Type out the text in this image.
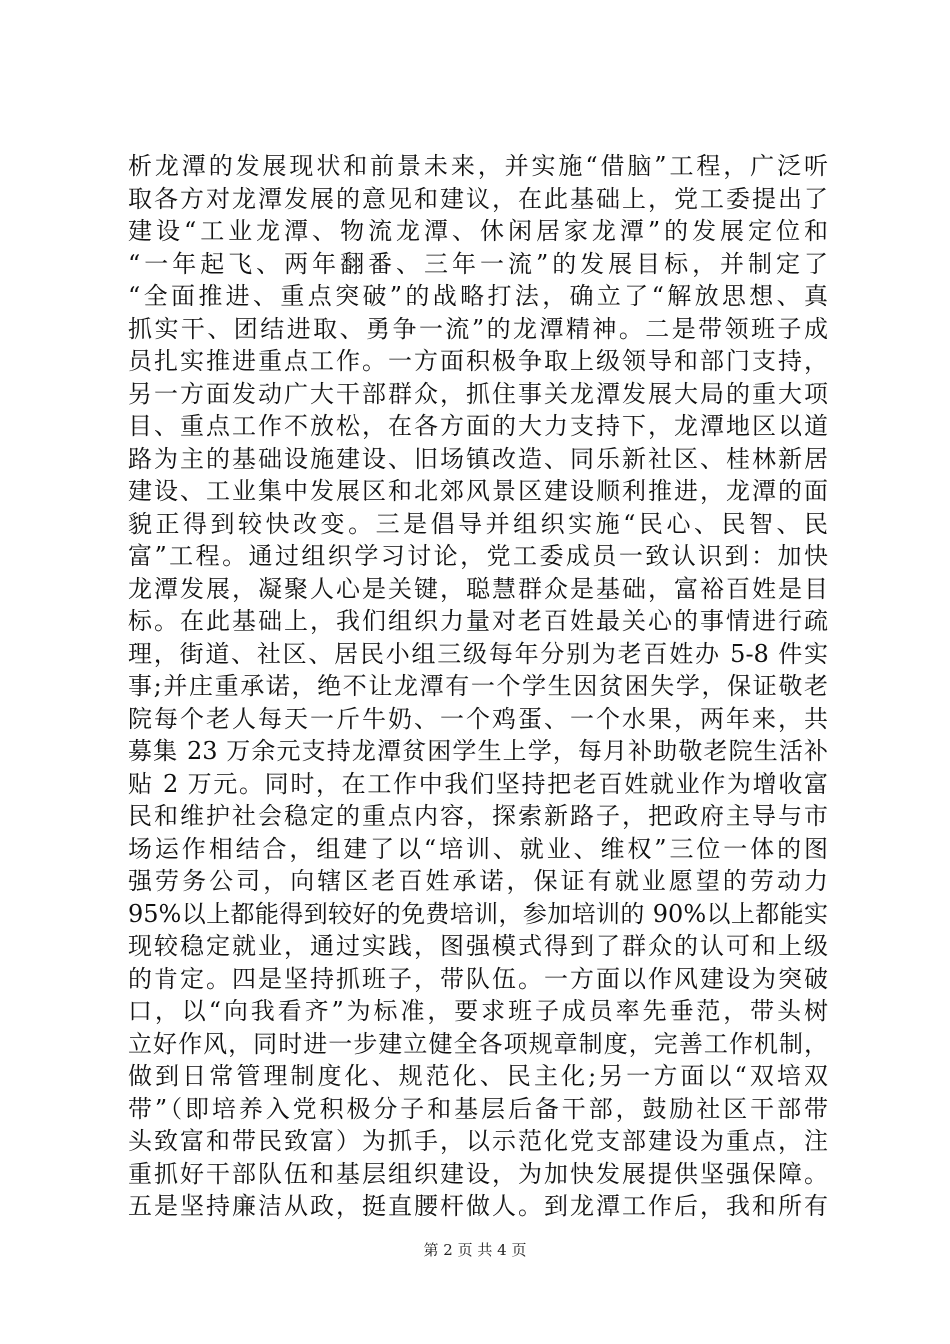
析龙潭的发展现状和前景未来，并实施“借脑”工程，广泛听
取各方对龙潭发展的意见和建议，在此基础上，党工委提出了
建设“工业龙潭、物流龙潭、休闲居家龙潭”的发展定位和
“一年起飞、两年翻番、三年一流”的发展目标，并制定了
“全面推进、重点突破”的战略打法，确立了“解放思想、真
抓实干、团结进取、勇争一流”的龙潭精神。二是带领班子成
员扎实推进重点工作。一方面积极争取上级领导和部门支持，
另一方面发动广大干部群众，抓住事关龙潭发展大局的重大项
目、重点工作不放松，在各方面的大力支持下，龙潭地区以道
路为主的基础设施建设、旧场镇改造、同乐新社区、桂林新居
建设、工业集中发展区和北郊风景区建设顺利推进，龙潭的面
貌正得到较快改变。三是倡导并组织实施“民心、民智、民
富”工程。通过组织学习讨论，党工委成员一致认识到：加快
龙潭发展，凝聚人心是关键，聪慧群众是基础，富裕百姓是目
标。在此基础上，我们组织力量对老百姓最关心的事情进行疏
理，街道、社区、居民小组三级每年分别为老百姓办 5-8 件实
事;并庄重承诺，绝不让龙潭有一个学生因贫困失学，保证敬老
院每个老人每天一斤牛奶、一个鸡蛋、一个水果，两年来，共
募集 23 万余元支持龙潭贫困学生上学，每月补助敬老院生活补
贴 2 万元。同时，在工作中我们坚持把老百姓就业作为增收富
民和维护社会稳定的重点内容，探索新路子，把政府主导与市
场运作相结合，组建了以“培训、就业、维权”三位一体的图
强劳务公司，向辖区老百姓承诺，保证有就业愿望的劳动力
95%以上都能得到较好的免费培训，参加培训的 90%以上都能实
现较稳定就业，通过实践，图强模式得到了群众的认可和上级
的肯定。四是坚持抓班子，带队伍。一方面以作风建设为突破
口，以“向我看齐”为标准，要求班子成员率先垂范，带头树
立好作风，同时进一步建立健全各项规章制度，完善工作机制，
做到日常管理制度化、规范化、民主化;另一方面以“双培双
带”（即培养入党积极分子和基层后备干部，鼓励社区干部带
头致富和带民致富）为抓手，以示范化党支部建设为重点，注
重抓好干部队伍和基层组织建设，为加快发展提供坚强保障。
五是坚持廉洁从政，挺直腰杆做人。到龙潭工作后，我和所有
第 2 页 共 4 页
